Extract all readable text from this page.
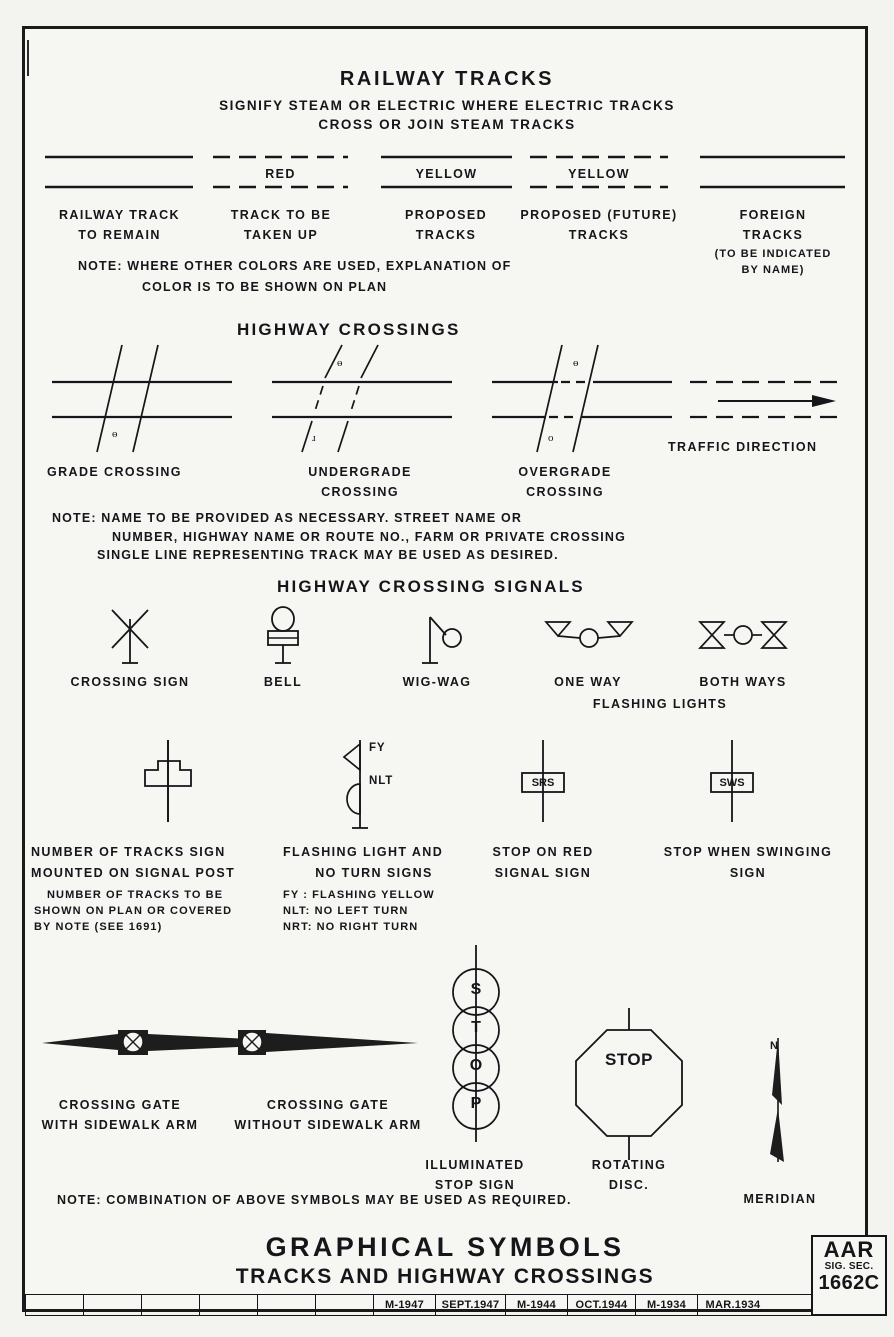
RAILWAY TRACKS
SIGNIFY STEAM OR ELECTRIC WHERE ELECTRIC TRACKS
CROSS OR JOIN STEAM TRACKS
RED	YELLOW	YELLOW
RAILWAY TRACK
TO REMAIN
TRACK TO BE
TAKEN UP
PROPOSED
TRACKS
PROPOSED (FUTURE)
TRACKS
FOREIGN
TRACKS
(TO BE INDICATED
BY NAME)
NOTE: WHERE OTHER COLORS ARE USED, EXPLANATION OF
COLOR IS TO BE SHOWN ON PLAN
HIGHWAY CROSSINGS
ɵ
ɵ
ɹ
ɵ
o
GRADE CROSSING	UNDERGRADE
CROSSING
OVERGRADE
CROSSING
TRAFFIC DIRECTION
NOTE: NAME TO BE PROVIDED AS NECESSARY. STREET NAME OR
NUMBER, HIGHWAY NAME OR ROUTE NO., FARM OR PRIVATE CROSSING
SINGLE LINE REPRESENTING TRACK MAY BE USED AS DESIRED.
HIGHWAY CROSSING SIGNALS
CROSSING SIGN	BELL	WIG-WAG	ONE WAY	BOTH WAYS
FLASHING LIGHTS
FY
NLT	SRS	SWS
NUMBER OF TRACKS SIGN
MOUNTED ON SIGNAL POST
NUMBER OF TRACKS TO BE
SHOWN ON PLAN OR COVERED
BY NOTE (SEE 1691)
FLASHING LIGHT AND
NO TURN SIGNS
FY : FLASHING YELLOW
NLT: NO LEFT TURN
NRT: NO RIGHT TURN
STOP ON RED
SIGNAL SIGN
STOP WHEN SWINGING
SIGN
N
S
T
O
P
STOP
CROSSING GATE
WITH SIDEWALK ARM
CROSSING GATE
WITHOUT SIDEWALK ARM
ILLUMINATED
STOP SIGN
ROTATING
DISC.
MERIDIAN
NOTE: COMBINATION OF ABOVE SYMBOLS MAY BE USED AS REQUIRED.
GRAPHICAL SYMBOLS
TRACKS AND HIGHWAY CROSSINGS
M-1947	SEPT.1947	M-1944	OCT.1944	M-1934	MAR.1934
AAR
SIG. SEC.
1662C
